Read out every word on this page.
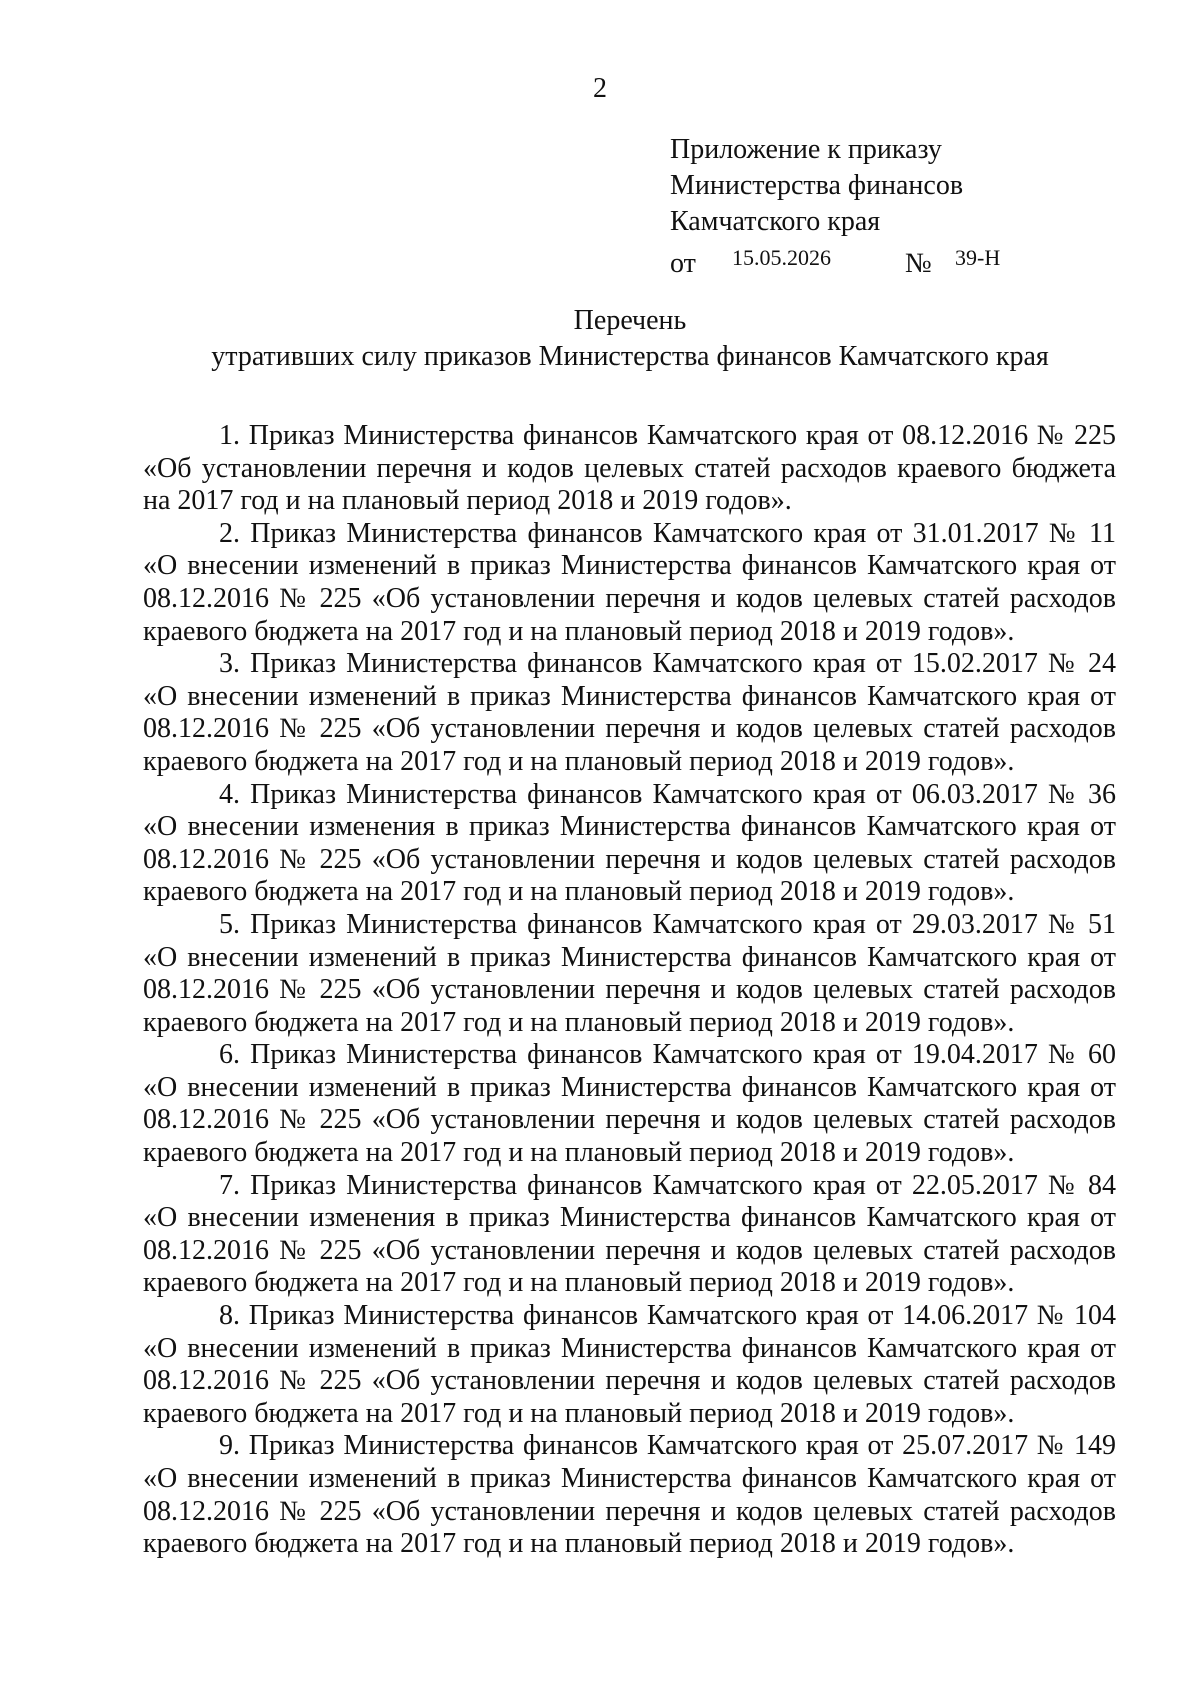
2
Приложение к приказу
Министерства финансов
Камчатского края
от 15.05.2026	№ 39-Н
Перечень
утративших силу приказов Министерства финансов Камчатского края

1. Приказ Министерства финансов Камчатского края от 08.12.2016 № 225 «Об установлении перечня и кодов целевых статей расходов краевого бюджета на 2017 год и на плановый период 2018 и 2019 годов».

2. Приказ Министерства финансов Камчатского края от 31.01.2017 № 11 «О внесении изменений в приказ Министерства финансов Камчатского края от 08.12.2016 № 225 «Об установлении перечня и кодов целевых статей расходов краевого бюджета на 2017 год и на плановый период 2018 и 2019 годов».

3. Приказ Министерства финансов Камчатского края от 15.02.2017 № 24 «О внесении изменений в приказ Министерства финансов Камчатского края от 08.12.2016 № 225 «Об установлении перечня и кодов целевых статей расходов краевого бюджета на 2017 год и на плановый период 2018 и 2019 годов».

4. Приказ Министерства финансов Камчатского края от 06.03.2017 № 36 «О внесении изменения в приказ Министерства финансов Камчатского края от 08.12.2016 № 225 «Об установлении перечня и кодов целевых статей расходов краевого бюджета на 2017 год и на плановый период 2018 и 2019 годов».

5. Приказ Министерства финансов Камчатского края от 29.03.2017 № 51 «О внесении изменений в приказ Министерства финансов Камчатского края от 08.12.2016 № 225 «Об установлении перечня и кодов целевых статей расходов краевого бюджета на 2017 год и на плановый период 2018 и 2019 годов».

6. Приказ Министерства финансов Камчатского края от 19.04.2017 № 60 «О внесении изменений в приказ Министерства финансов Камчатского края от 08.12.2016 № 225 «Об установлении перечня и кодов целевых статей расходов краевого бюджета на 2017 год и на плановый период 2018 и 2019 годов».

7. Приказ Министерства финансов Камчатского края от 22.05.2017 № 84 «О внесении изменения в приказ Министерства финансов Камчатского края от 08.12.2016 № 225 «Об установлении перечня и кодов целевых статей расходов краевого бюджета на 2017 год и на плановый период 2018 и 2019 годов».

8. Приказ Министерства финансов Камчатского края от 14.06.2017 № 104 «О внесении изменений в приказ Министерства финансов Камчатского края от 08.12.2016 № 225 «Об установлении перечня и кодов целевых статей расходов краевого бюджета на 2017 год и на плановый период 2018 и 2019 годов».

9. Приказ Министерства финансов Камчатского края от 25.07.2017 № 149 «О внесении изменений в приказ Министерства финансов Камчатского края от 08.12.2016 № 225 «Об установлении перечня и кодов целевых статей расходов краевого бюджета на 2017 год и на плановый период 2018 и 2019 годов».
